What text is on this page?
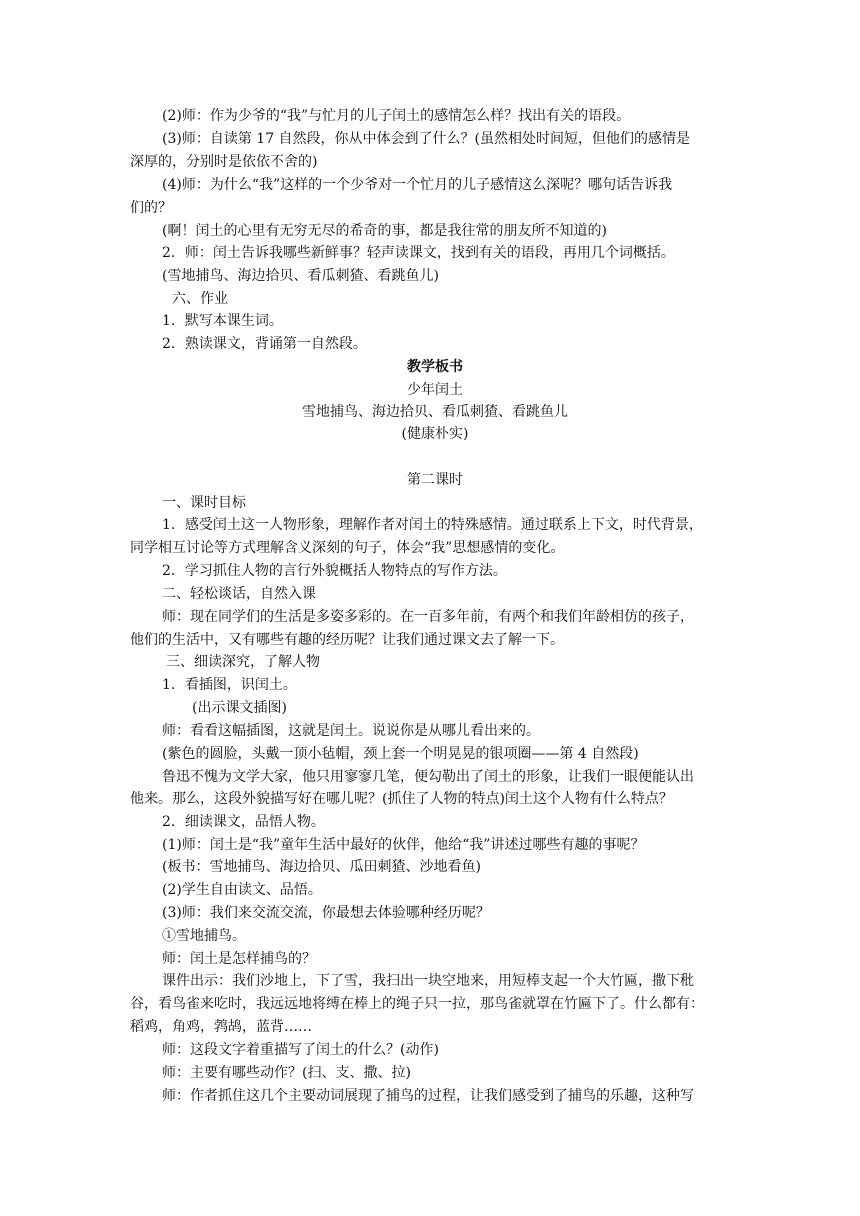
(2)师：作为少爷的“我”与忙月的儿子闰土的感情怎么样？找出有关的语段。
(3)师：自读第 17 自然段，你从中体会到了什么？(虽然相处时间短，但他们的感情是
深厚的，分别时是依依不舍的)
(4)师：为什么“我”这样的一个少爷对一个忙月的儿子感情这么深呢？哪句话告诉我
们的？
(啊！闰土的心里有无穷无尽的希奇的事，都是我往常的朋友所不知道的)
2．师：闰土告诉我哪些新鲜事？轻声读课文，找到有关的语段，再用几个词概括。
(雪地捕鸟、海边拾贝、看瓜刺猹、看跳鱼儿)
六、作业
1．默写本课生词。
2．熟读课文，背诵第一自然段。
教学板书
少年闰土
雪地捕鸟、海边拾贝、看瓜刺猹、看跳鱼儿
(健康朴实)
第二课时
一、课时目标
1．感受闰土这一人物形象，理解作者对闰土的特殊感情。通过联系上下文，时代背景，
同学相互讨论等方式理解含义深刻的句子，体会“我”思想感情的变化。
2．学习抓住人物的言行外貌概括人物特点的写作方法。
二、轻松谈话，自然入课
师：现在同学们的生活是多姿多彩的。在一百多年前，有两个和我们年龄相仿的孩子，
他们的生活中，又有哪些有趣的经历呢？让我们通过课文去了解一下。
三、细读深究，了解人物
1．看插图，识闰土。
(出示课文插图)
师：看看这幅插图，这就是闰土。说说你是从哪儿看出来的。
(紫色的圆脸，头戴一顶小毡帽，颈上套一个明晃晃的银项圈——第 4 自然段)
鲁迅不愧为文学大家，他只用寥寥几笔，便勾勒出了闰土的形象，让我们一眼便能认出
他来。那么，这段外貌描写好在哪儿呢？(抓住了人物的特点)闰土这个人物有什么特点？
2．细读课文，品悟人物。
(1)师：闰土是“我”童年生活中最好的伙伴，他给“我”讲述过哪些有趣的事呢？
(板书：雪地捕鸟、海边拾贝、瓜田刺猹、沙地看鱼)
(2)学生自由读文、品悟。
(3)师：我们来交流交流，你最想去体验哪种经历呢？
①雪地捕鸟。
师：闰土是怎样捕鸟的？
课件出示：我们沙地上，下了雪，我扫出一块空地来，用短棒支起一个大竹匾，撒下秕
谷，看鸟雀来吃时，我远远地将缚在棒上的绳子只一拉，那鸟雀就罩在竹匾下了。什么都有：
稻鸡，角鸡，鹁鸪，蓝背……
师：这段文字着重描写了闰土的什么？(动作)
师：主要有哪些动作？(扫、支、撒、拉)
师：作者抓住这几个主要动词展现了捕鸟的过程，让我们感受到了捕鸟的乐趣，这种写
